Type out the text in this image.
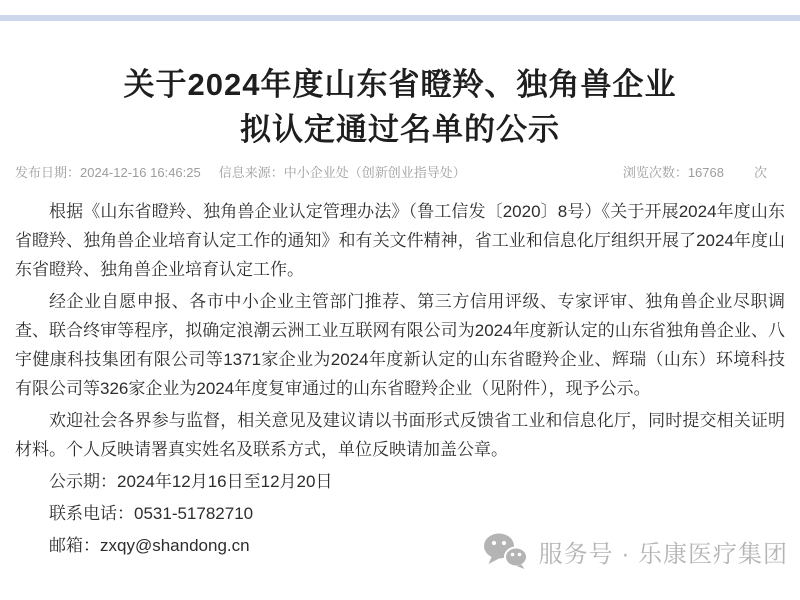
关于2024年度山东省瞪羚、独角兽企业
拟认定通过名单的公示
发布日期：2024-12-16 16:46:25 信息来源：中小企业处（创新创业指导处）	浏览次数：16768 次

根据《山东省瞪羚、独角兽企业认定管理办法》（鲁工信发〔2020〕8号）《关于开展2024年度山东省瞪羚、独角兽企业培育认定工作的通知》和有关文件精神，省工业和信息化厅组织开展了2024年度山东省瞪羚、独角兽企业培育认定工作。

经企业自愿申报、各市中小企业主管部门推荐、第三方信用评级、专家评审、独角兽企业尽职调查、联合终审等程序，拟确定浪潮云洲工业互联网有限公司为2024年度新认定的山东省独角兽企业、八宇健康科技集团有限公司等1371家企业为2024年度新认定的山东省瞪羚企业、辉瑞（山东）环境科技有限公司等326家企业为2024年度复审通过的山东省瞪羚企业（见附件），现予公示。

欢迎社会各界参与监督，相关意见及建议请以书面形式反馈省工业和信息化厅，同时提交相关证明材料。个人反映请署真实姓名及联系方式，单位反映请加盖公章。

公示期：2024年12月16日至12月20日

联系电话：0531-51782710

邮箱：zxqy@shandong.cn	服务号 · 乐康医疗集团
